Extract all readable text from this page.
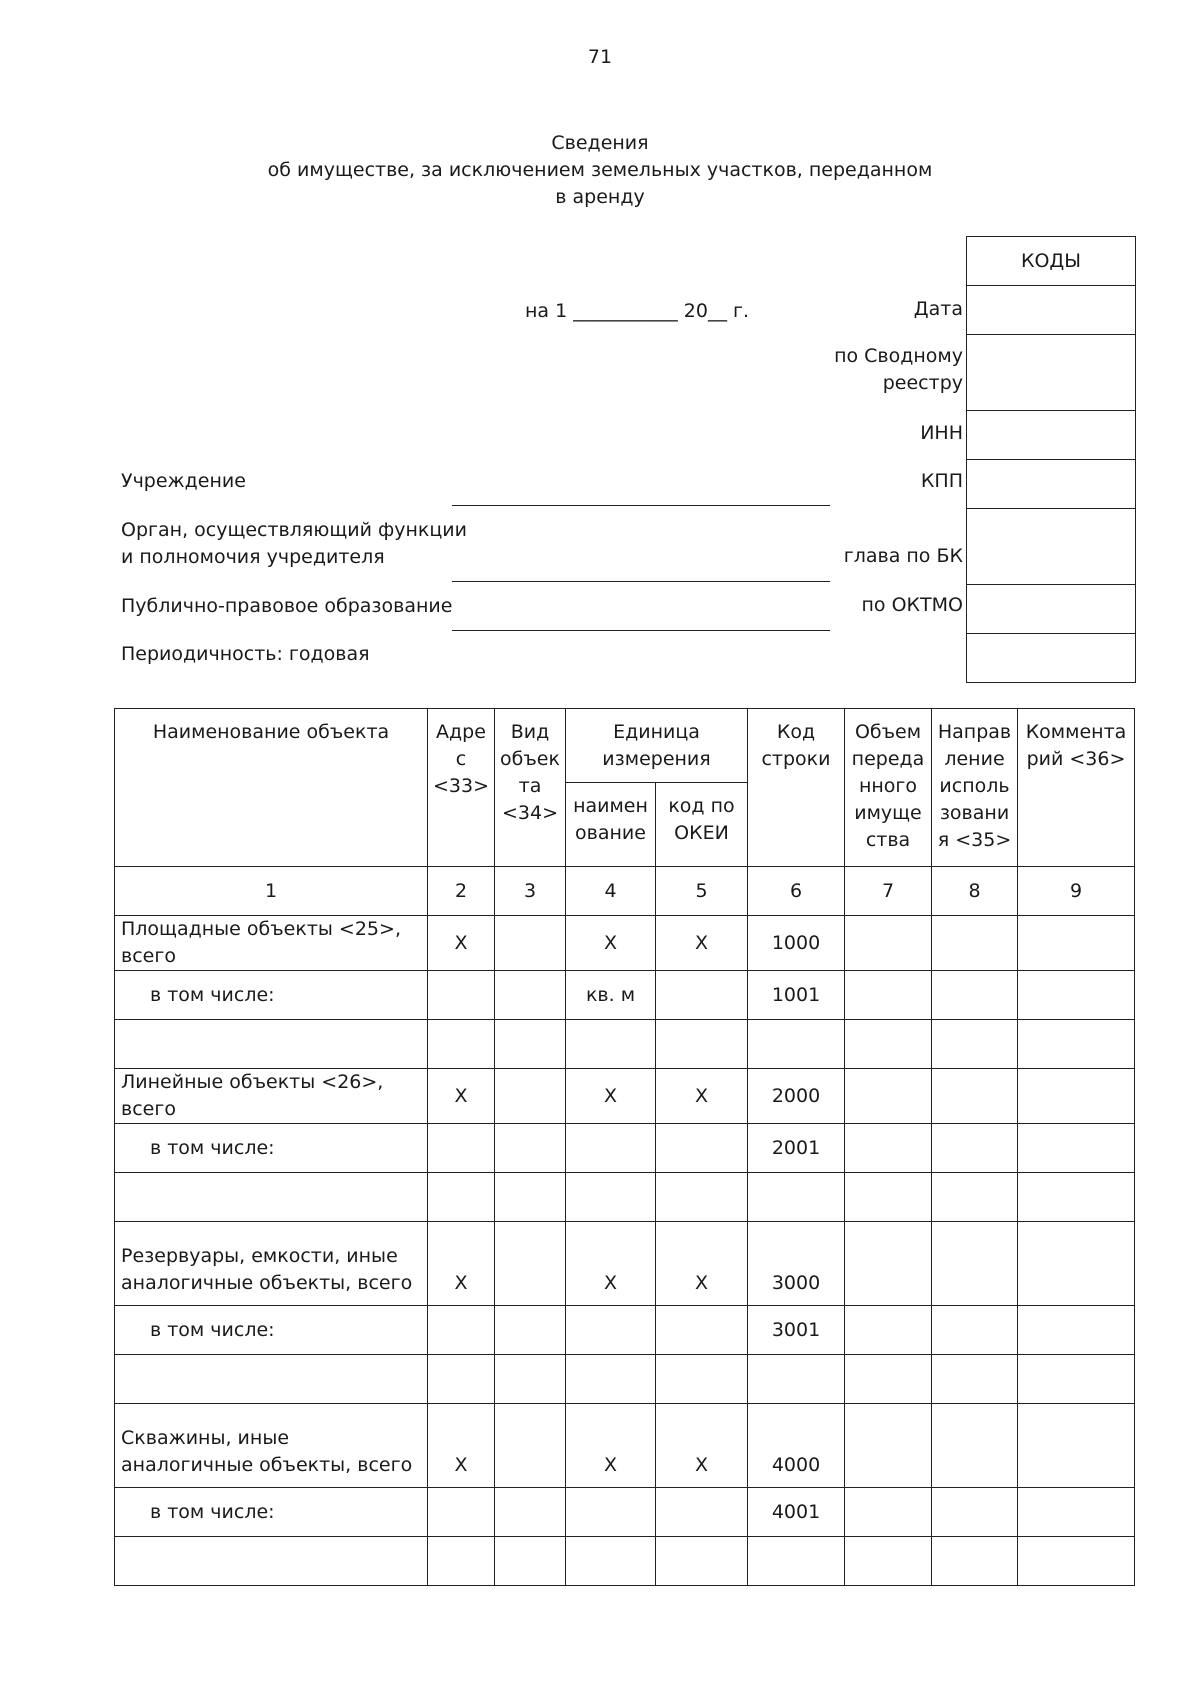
71
Сведения
об имуществе, за исключением земельных участков, переданном
в аренду
на 1 ___________ 20__ г.	Дата
по Сводному
реестру
ИНН
КПП
глава по БК
по ОКТМО
КОДЫ
Учреждение
Орган, осуществляющий функции
и полномочия учредителя
Публично-правовое образование
Периодичность: годовая
Наименование объекта	Адре с <33>	Вид объек та <34>	Единица измерения		Код строки	Объем переда нного имуще ства	Направ ление исполь зовани я <35>	Коммента рий <36>
			наимен ование	код по ОКЕИ				
1	2	3	4	5	6	7	8	9
Площадные объекты <25>, всего	X		X	X	1000			
в том числе:			кв. м		1001			

Линейные объекты <26>, всего	X		X	X	2000			
в том числе:					2001			

Резервуары, емкости, иные аналогичные объекты, всего	X		X	X	3000			
в том числе:					3001			

Скважины, иные аналогичные объекты, всего	X		X	X	4000			
в том числе:					4001			
